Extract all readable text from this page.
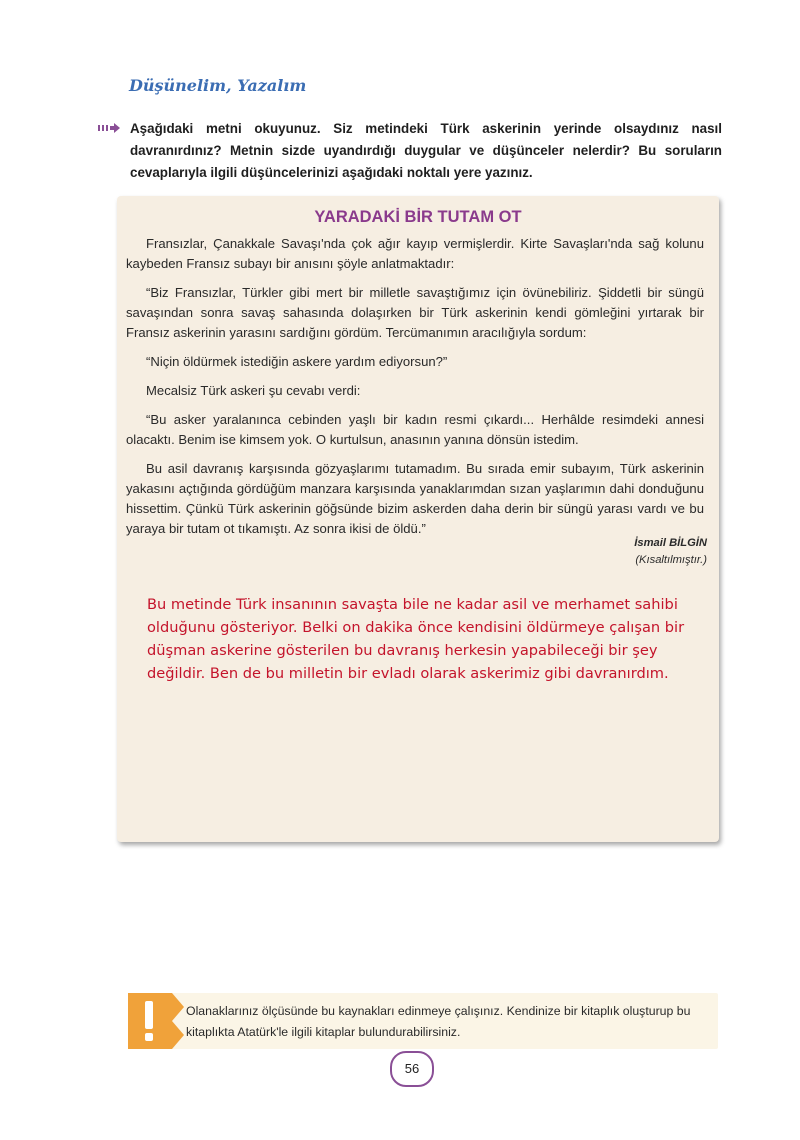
Düşünelim, Yazalım

Aşağıdaki metni okuyunuz. Siz metindeki Türk askerinin yerinde olsaydınız nasıl davranırdınız? Metnin sizde uyandırdığı duygular ve düşünceler nelerdir? Bu soruların cevaplarıyla ilgili düşüncelerinizi aşağıdaki noktalı yere yazınız.

YARADAKİ BİR TUTAM OT

Fransızlar, Çanakkale Savaşı'nda çok ağır kayıp vermişlerdir. Kirte Savaşları'nda sağ kolunu kaybeden Fransız subayı bir anısını şöyle anlatmaktadır:

“Biz Fransızlar, Türkler gibi mert bir milletle savaştığımız için övünebiliriz. Şiddetli bir süngü savaşından sonra savaş sahasında dolaşırken bir Türk askerinin kendi gömleğini yırtarak bir Fransız askerinin yarasını sardığını gördüm. Tercümanımın aracılığıyla sordum:

“Niçin öldürmek istediğin askere yardım ediyorsun?”

Mecalsiz Türk askeri şu cevabı verdi:

“Bu asker yaralanınca cebinden yaşlı bir kadın resmi çıkardı... Herhâlde resimdeki annesi olacaktı. Benim ise kimsem yok. O kurtulsun, anasının yanına dönsün istedim.

Bu asil davranış karşısında gözyaşlarımı tutamadım. Bu sırada emir subayım, Türk askerinin yakasını açtığında gördüğüm manzara karşısında yanaklarımdan sızan yaşlarımın dahi donduğunu hissettim. Çünkü Türk askerinin göğsünde bizim askerden daha derin bir süngü yarası vardı ve bu yaraya bir tutam ot tıkamıştı. Az sonra ikisi de öldü.”

İsmail BİLGİN
(Kısaltılmıştır.)

Bu metinde Türk insanının savaşta bile ne kadar asil ve merhamet sahibi olduğunu gösteriyor. Belki on dakika önce kendisini öldürmeye çalışan bir düşman askerine gösterilen bu davranış herkesin yapabileceği bir şey değildir. Ben de bu milletin bir evladı olarak askerimiz gibi davranırdım.

Olanaklarınız ölçüsünde bu kaynakları edinmeye çalışınız. Kendinize bir kitaplık oluşturup bu kitaplıkta Atatürk'le ilgili kitaplar bulundurabilirsiniz.

56
